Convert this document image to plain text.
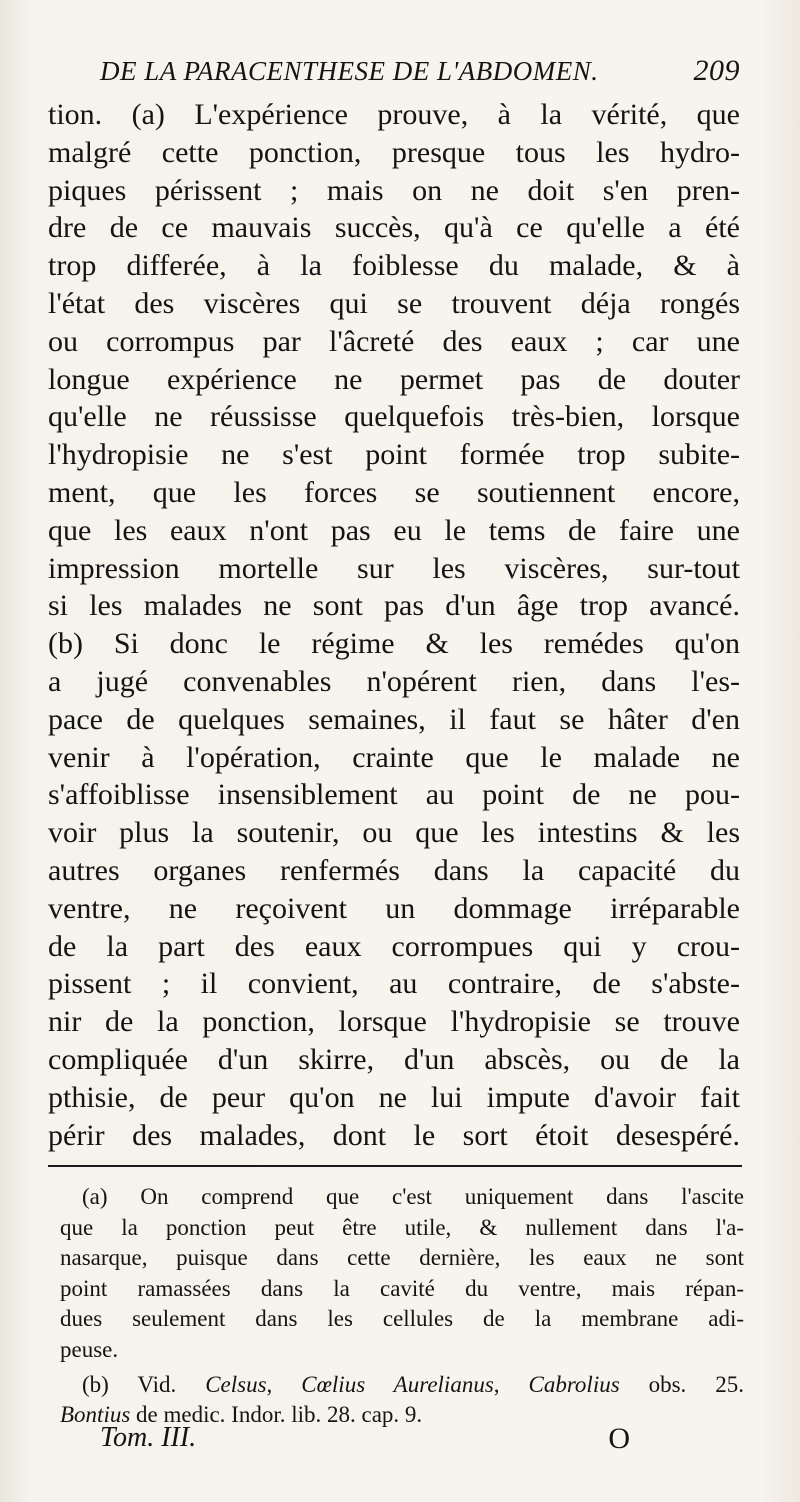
DE LA PARACENTHESE DE L'ABDOMEN.	209
tion. (a) L'expérience prouve, à la vérité, que
malgré cette ponction, presque tous les hydro-
piques périssent ; mais on ne doit s'en pren-
dre de ce mauvais succès, qu'à ce qu'elle a été
trop differée, à la foiblesse du malade, & à
l'état des viscères qui se trouvent déja rongés
ou corrompus par l'âcreté des eaux ; car une
longue expérience ne permet pas de douter
qu'elle ne réussisse quelquefois très-bien, lorsque
l'hydropisie ne s'est point formée trop subite-
ment, que les forces se soutiennent encore,
que les eaux n'ont pas eu le tems de faire une
impression mortelle sur les viscères, sur-tout
si les malades ne sont pas d'un âge trop avancé.
(b) Si donc le régime & les remédes qu'on
a jugé convenables n'opérent rien, dans l'es-
pace de quelques semaines, il faut se hâter d'en
venir à l'opération, crainte que le malade ne
s'affoiblisse insensiblement au point de ne pou-
voir plus la soutenir, ou que les intestins & les
autres organes renfermés dans la capacité du
ventre, ne reçoivent un dommage irréparable
de la part des eaux corrompues qui y crou-
pissent ; il convient, au contraire, de s'abste-
nir de la ponction, lorsque l'hydropisie se trouve
compliquée d'un skirre, d'un abscès, ou de la
pthisie, de peur qu'on ne lui impute d'avoir fait
périr des malades, dont le sort étoit desespéré.
(a) On comprend que c'est uniquement dans l'ascite
que la ponction peut être utile, & nullement dans l'a-
nasarque, puisque dans cette dernière, les eaux ne sont
point ramassées dans la cavité du ventre, mais répan-
dues seulement dans les cellules de la membrane adi-
peuse.
(b) Vid. Celsus, Cœlius Aurelianus, Cabrolius obs. 25.
Bontius de medic. Indor. lib. 28. cap. 9.
Tom. III.	O
